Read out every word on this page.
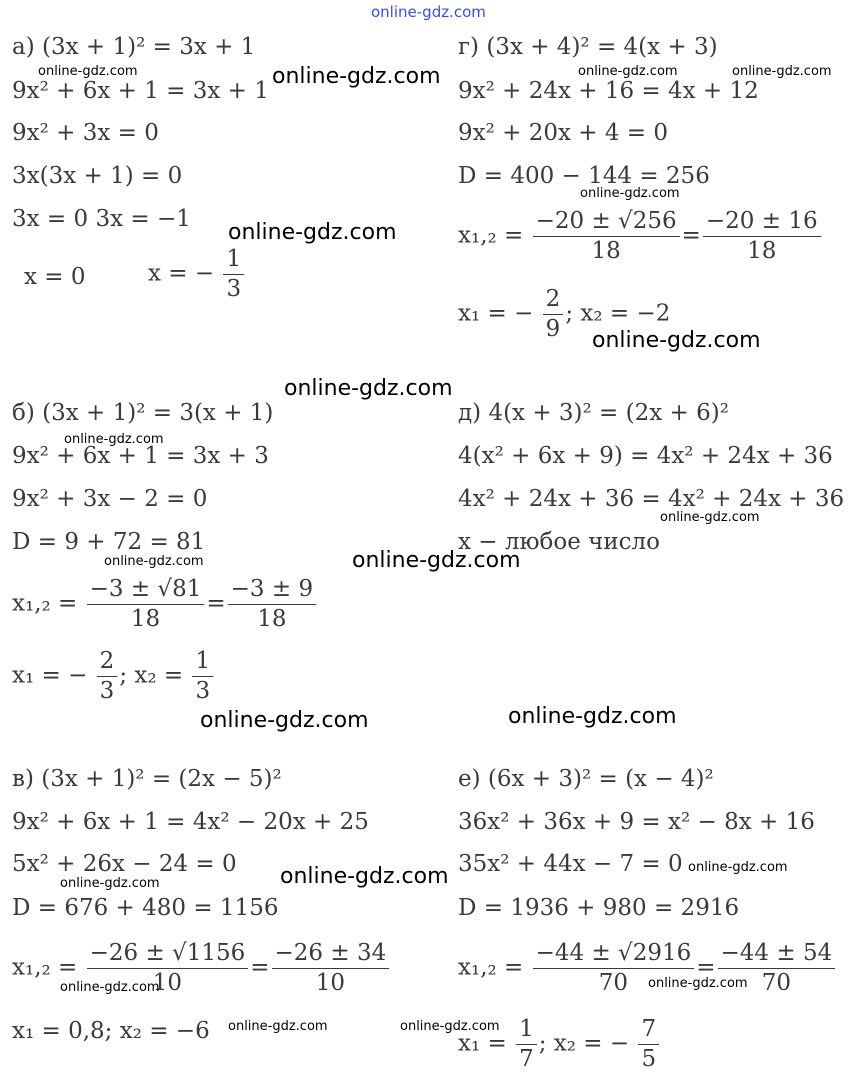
online-gdz.com
а) (3x + 1)² = 3x + 1
9x² + 6x + 1 = 3x + 1
9x² + 3x = 0
3x(3x + 1) = 0
3x = 0 3x = −1
x = 0	x = − $\frac{1}{3}$
г) (3x + 4)² = 4(x + 3)
9x² + 24x + 16 = 4x + 12
9x² + 20x + 4 = 0
D = 400 − 144 = 256
$x_1,_2 = \frac{-20 \pm √256}{18} = \frac{-20 \pm 16}{18}$
x₁ = − $\frac{2}{9}$ ; x₂ = −2
б) (3x + 1)² = 3(x + 1)
9x² + 6x + 1 = 3x + 3
9x² + 3x − 2 = 0
D = 9 + 72 = 81
$x_1,_2 = \frac{-3 \pm √81}{18} = \frac{-3 \pm 9}{18}$
x₁ = − $\frac{2}{3}$ ; $x_2 = \frac{1}{3}$
д) 4(x + 3)² = (2x + 6)²
4(x² + 6x + 9) = 4x² + 24x + 36
4x² + 24x + 36 = 4x² + 24x + 36
x − любое число
в) (3x + 1)² = (2x − 5)²
9x² + 6x + 1 = 4x² − 20x + 25
5x² + 26x − 24 = 0
D = 676 + 480 = 1156
$x_1,_2 = \frac{-26 \pm √1156}{10} = \frac{-26 \pm 34}{10}$
x₁ = 0,8; x₂ = −6
е) (6x + 3)² = (x − 4)²
36x² + 36x + 9 = x² − 8x + 16
35x² + 44x − 7 = 0
D = 1936 + 980 = 2916
$x_1,_2 = \frac{-44 \pm √2916}{70} = \frac{-44 \pm 54}{70}$
$x_1 = \frac{1}{7}$ ; x₂ = − $\frac{7}{5}$
online-gdz.com
online-gdz.com	online-gdz.com	online-gdz.com
online-gdz.com
online-gdz.com
online-gdz.com
online-gdz.com
online-gdz.com
online-gdz.com
online-gdz.com	online-gdz.com
online-gdz.com	online-gdz.com
online-gdz.com
online-gdz.com
online-gdz.com
online-gdz.com	online-gdz.com
online-gdz.com	online-gdz.com
